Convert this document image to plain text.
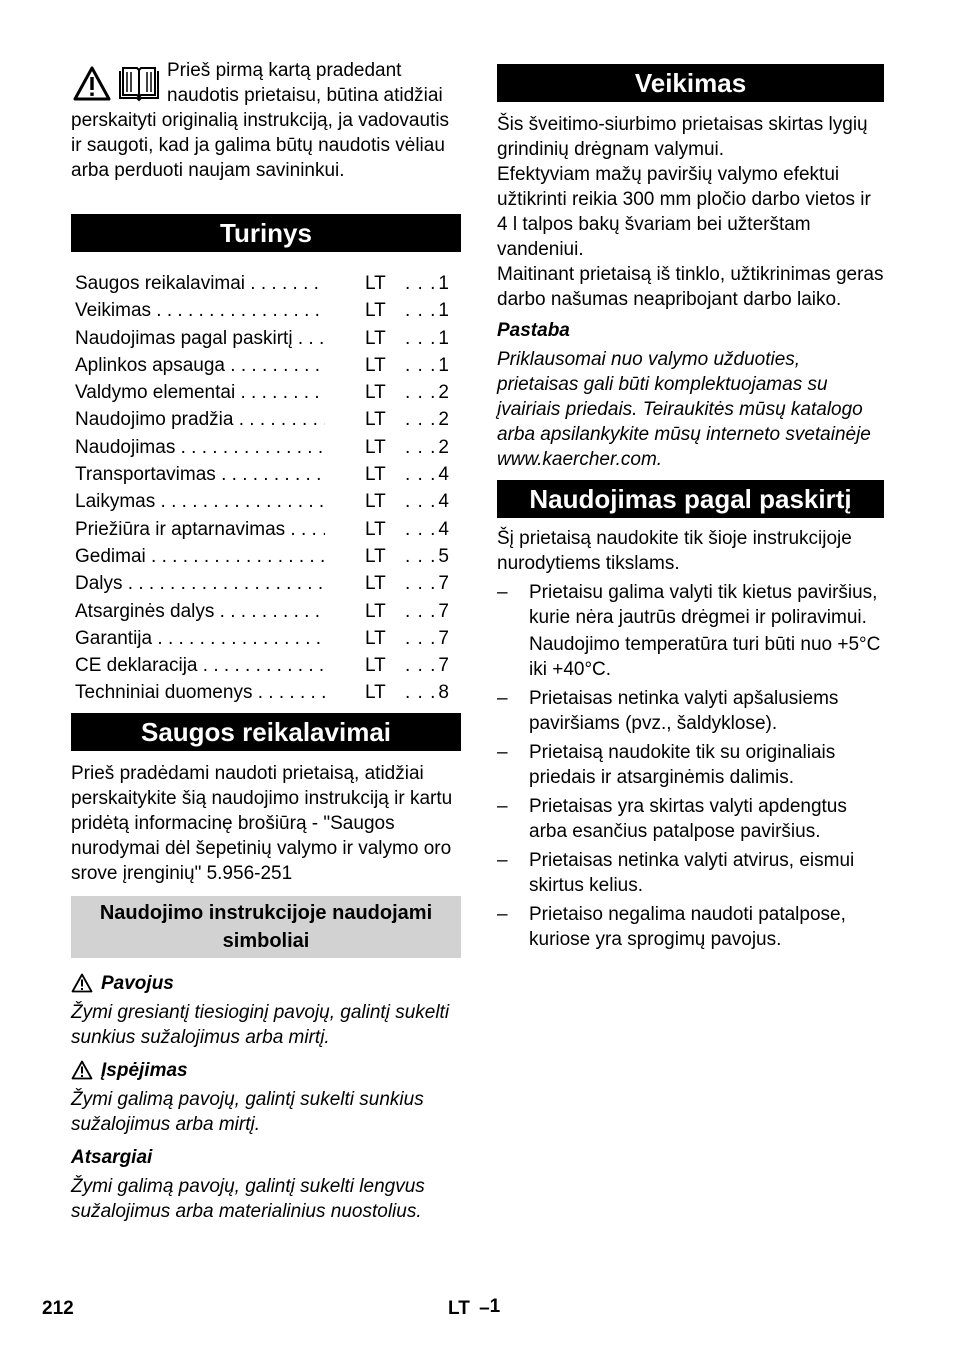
Prieš pirmą kartą pradedant naudotis prietaisu, būtina atidžiai perskaityti originalią instrukciją, ja vadovautis ir saugoti, kad ja galima būtų naudotis vėliau arba perduoti naujam savininkui.
Turinys
Saugos reikalavimai . . .	LT	. . . 1
Veikimas . . .	LT	. . . 1
Naudojimas pagal paskirtį . . .	LT	. . . 1
Aplinkos apsauga . . .	LT	. . . 1
Valdymo elementai . . .	LT	. . . 2
Naudojimo pradžia . . .	LT	. . . 2
Naudojimas . . .	LT	. . . 2
Transportavimas . . .	LT	. . . 4
Laikymas . . .	LT	. . . 4
Priežiūra ir aptarnavimas . . .	LT	. . . 4
Gedimai . . .	LT	. . . 5
Dalys . . .	LT	. . . 7
Atsarginės dalys . . .	LT	. . . 7
Garantija . . .	LT	. . . 7
CE deklaracija . . .	LT	. . . 7
Techniniai duomenys . . .	LT	. . . 8
Saugos reikalavimai

Prieš pradėdami naudoti prietaisą, atidžiai perskaitykite šią naudojimo instrukciją ir kartu pridėtą informacinę brošiūrą - "Saugos nurodymai dėl šepetinių valymo ir valymo oro srove įrenginių" 5.956-251

Naudojimo instrukcijoje naudojami simboliai
Pavojus

Žymi gresiantį tiesioginį pavojų, galintį sukelti sunkius sužalojimus arba mirtį.

Įspėjimas

Žymi galimą pavojų, galintį sukelti sunkius sužalojimus arba mirtį.

Atsargiai

Žymi galimą pavojų, galintį sukelti lengvus sužalojimus arba materialinius nuostolius.

Veikimas

Šis šveitimo-siurbimo prietaisas skirtas lygių grindinių drėgnam valymui.

Efektyviam mažų paviršių valymo efektui užtikrinti reikia 300 mm pločio darbo vietos ir 4 l talpos bakų švariam bei užterštam vandeniui.

Maitinant prietaisą iš tinklo, užtikrinimas geras darbo našumas neapribojant darbo laiko.

Pastaba

Priklausomai nuo valymo užduoties, prietaisas gali būti komplektuojamas su įvairiais priedais. Teiraukitės mūsų katalogo arba apsilankykite mūsų interneto svetainėje www.kaercher.com.

Naudojimas pagal paskirtį

Šį prietaisą naudokite tik šioje instrukcijoje nurodytiems tikslams.

– Prietaisu galima valyti tik kietus paviršius, kurie nėra jautrūs drėgmei ir poliravimui.
Naudojimo temperatūra turi būti nuo +5°C iki +40°C.
– Prietaisas netinka valyti apšalusiems paviršiams (pvz., šaldyklose).
– Prietaisą naudokite tik su originaliais priedais ir atsarginėmis dalimis.
– Prietaisas yra skirtas valyti apdengtus arba esančius patalpose paviršius.
– Prietaisas netinka valyti atvirus, eismui skirtus kelius.
– Prietaiso negalima naudoti patalpose, kuriose yra sprogimų pavojus.
212	LT –1
